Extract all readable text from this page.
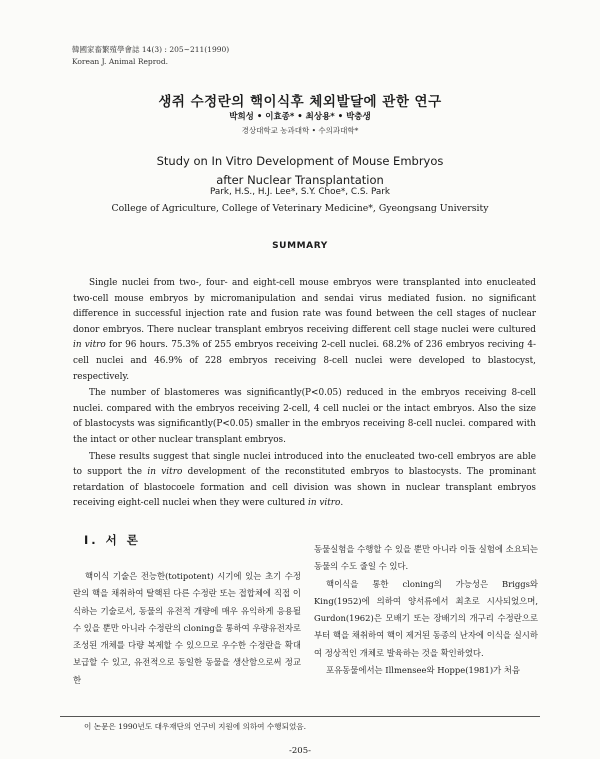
韓國家畜繁殖學會誌 14(3) : 205~211(1990)
Korean J. Animal Reprod.
생쥐 수정란의 핵이식후 체외발달에 관한 연구
박희성 • 이효종* • 최상용* • 박충생
경상대학교 농과대학 • 수의과대학*
Study on In Vitro Development of Mouse Embryos
after Nuclear Transplantation
Park, H.S., H.J. Lee*, S.Y. Choe*, C.S. Park
College of Agriculture, College of Veterinary Medicine*, Gyeongsang University
SUMMARY

Single nuclei from two-, four- and eight-cell mouse embryos were transplanted into enucleated two-cell mouse embryos by micromanipulation and sendai virus mediated fusion. no significant difference in successful injection rate and fusion rate was found between the cell stages of nuclear donor embryos. There nuclear transplant embryos receiving different cell stage nuclei were cultured in vitro for 96 hours. 75.3% of 255 embryos receiving 2-cell nuclei. 68.2% of 236 embryos reciving 4-cell nuclei and 46.9% of 228 embryos receiving 8-cell nuclei were developed to blastocyst, respectively.

The number of blastomeres was significantly(P<0.05) reduced in the embryos receiving 8-cell nuclei. compared with the embryos receiving 2-cell, 4 cell nuclei or the intact embryos. Also the size of blastocysts was significantly(P<0.05) smaller in the embryos receiving 8-cell nuclei. compared with the intact or other nuclear transplant embryos.

These results suggest that single nuclei introduced into the enucleated two-cell embryos are able to support the in vitro development of the reconstituted embryos to blastocysts. The prominant retardation of blastocoele formation and cell division was shown in nuclear transplant embryos receiving eight-cell nuclei when they were cultured in vitro.

I. 서 론

핵이식 기술은 전능한(totipotent) 시기에 있는 초기 수정란의 핵을 채취하여 탈핵된 다른 수정란 또는 접합체에 직접 이식하는 기술로서, 동물의 유전적 개량에 매우 유익하게 응용될 수 있을 뿐만 아니라 수정란의 cloning을 통하여 우량유전자로 조성된 개체를 다량 복제할 수 있으므로 우수한 수정란을 확대 보급할 수 있고, 유전적으로 동일한 동물을 생산함으로써 정교한

동물실험을 수행할 수 있을 뿐만 아니라 이들 실험에 소요되는 동물의 수도 줄일 수 있다.

핵이식을 통한 cloning의 가능성은 Briggs와 King(1952)에 의하여 양서류에서 최초로 시사되었으며, Gurdon(1962)은 모배기 또는 장배기의 개구리 수정란으로부터 핵을 채취하여 핵이 제거된 동종의 난자에 이식을 실시하여 정상적인 개체로 발육하는 것을 확인하였다.

포유동물에서는 Illmensee와 Hoppe(1981)가 처음

이 논문은 1990년도 대우재단의 연구비 지원에 의하여 수행되었음.
-205-
